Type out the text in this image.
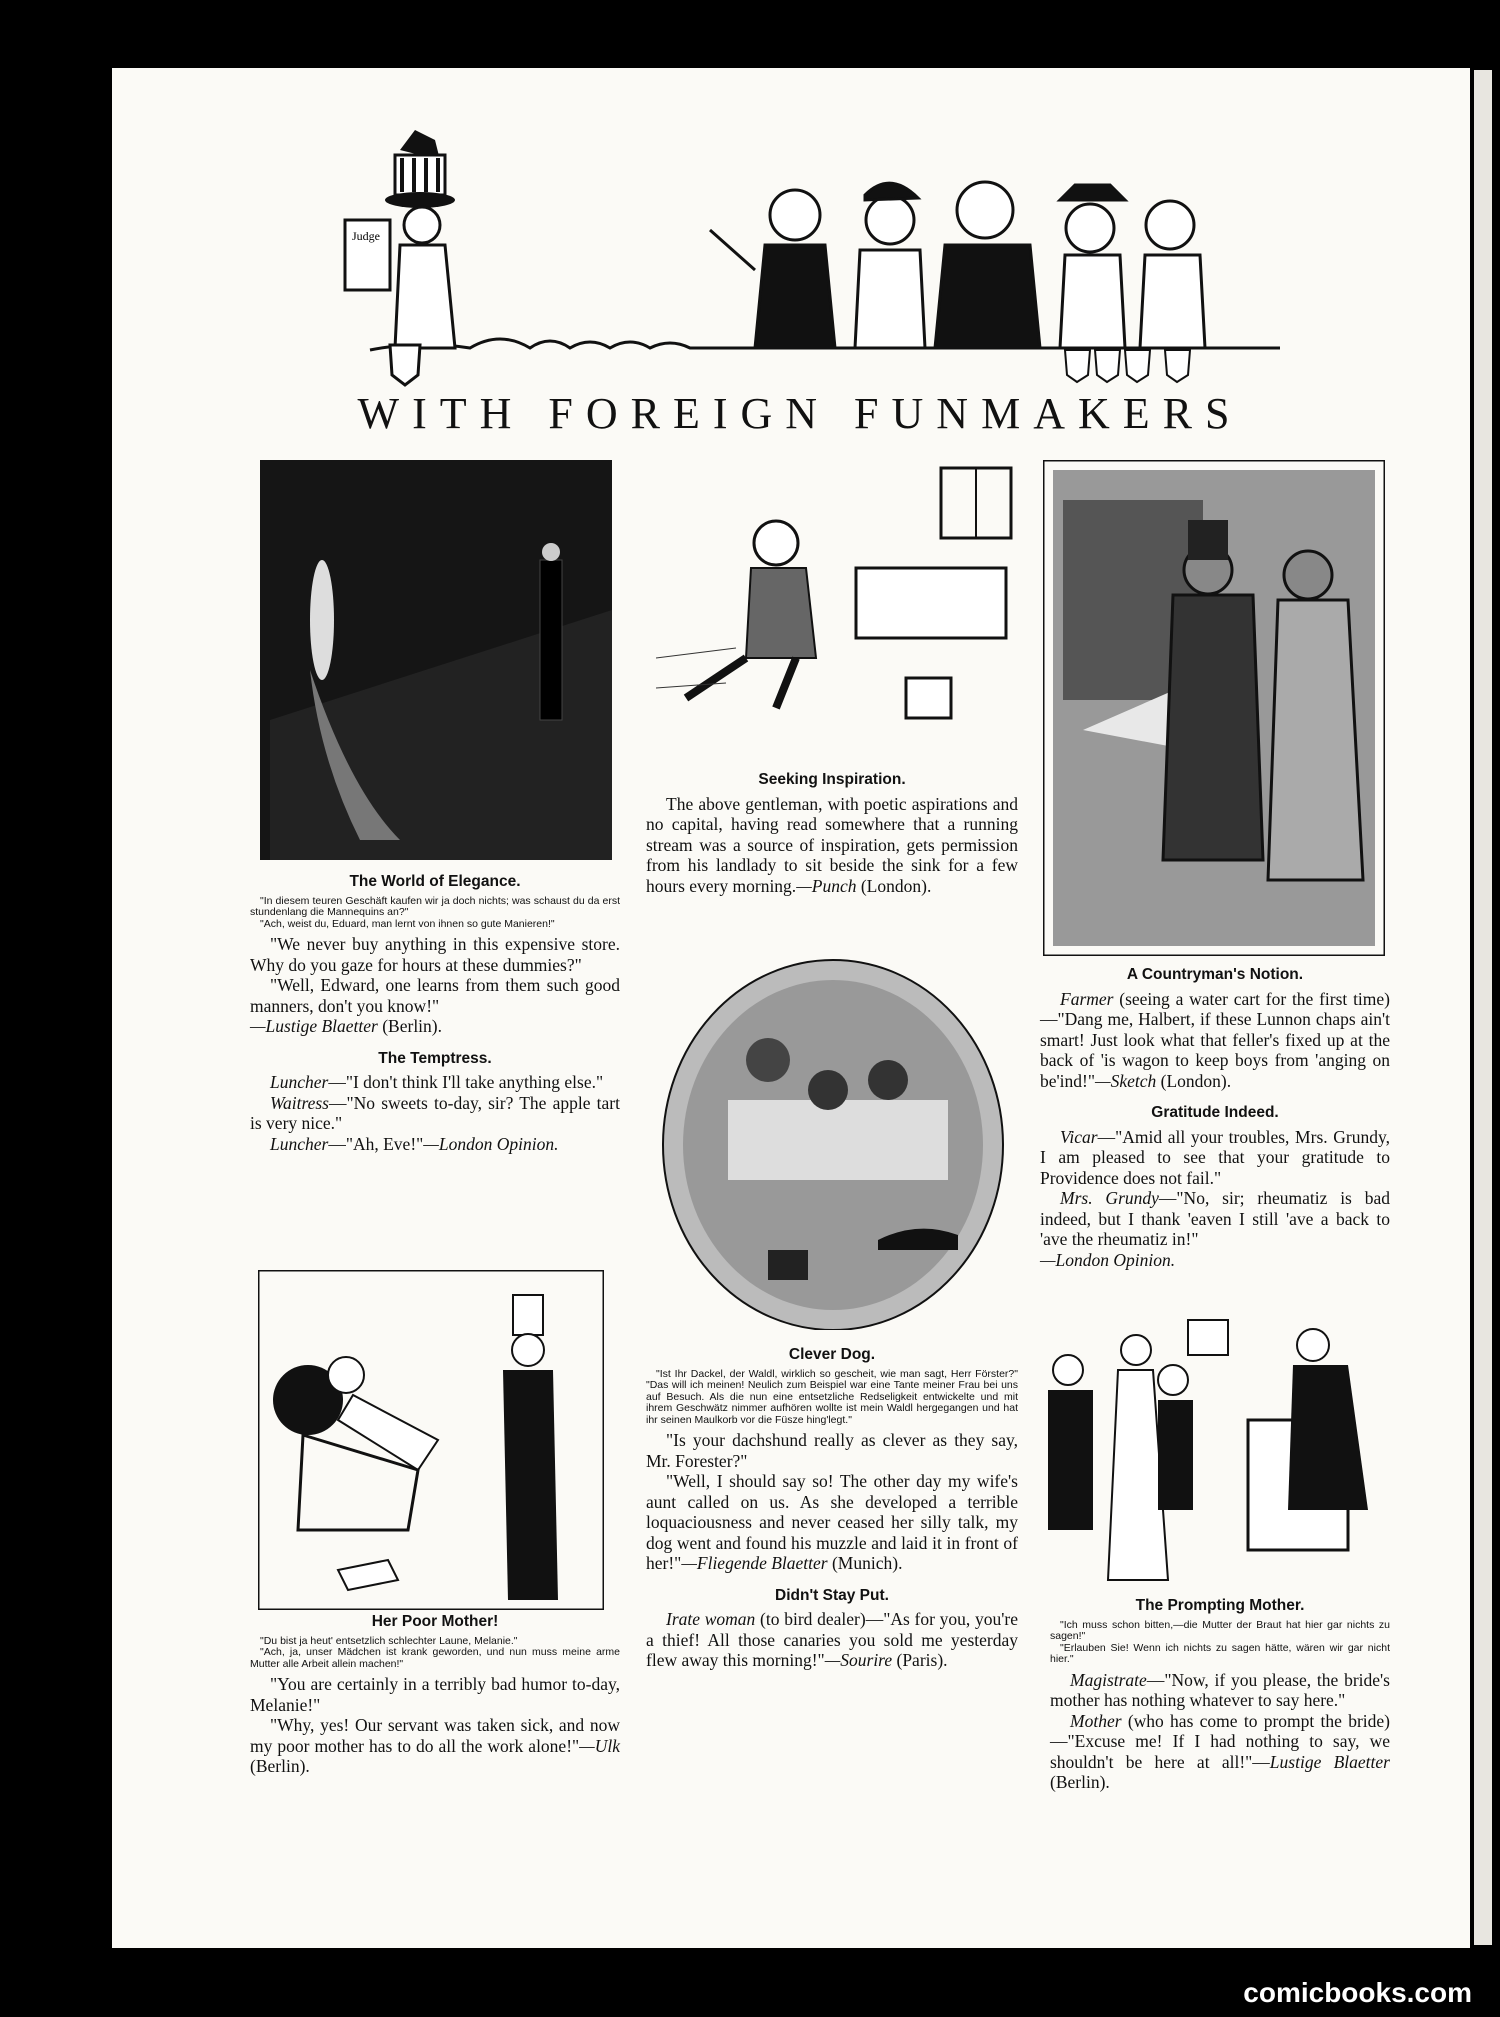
Judge
WITH FOREIGN FUNMAKERS
The World of Elegance.

"In diesem teuren Geschäft kaufen wir ja doch nichts; was schaust du da erst stundenlang die Mannequins an?"

"Ach, weist du, Eduard, man lernt von ihnen so gute Manieren!"

"We never buy anything in this expensive store. Why do you gaze for hours at these dummies?"

"Well, Edward, one learns from them such good manners, don't you know!"

—Lustige Blaetter (Berlin).

The Temptress.

Luncher—"I don't think I'll take anything else."

Waitress—"No sweets to-day, sir? The apple tart is very nice."

Luncher—"Ah, Eve!"—London Opinion.

Her Poor Mother!

"Du bist ja heut' entsetzlich schlechter Laune, Melanie."

"Ach, ja, unser Mädchen ist krank geworden, und nun muss meine arme Mutter alle Arbeit allein machen!"

"You are certainly in a terribly bad humor to-day, Melanie!"

"Why, yes! Our servant was taken sick, and now my poor mother has to do all the work alone!"—Ulk (Berlin).

Seeking Inspiration.

The above gentleman, with poetic aspirations and no capital, having read somewhere that a running stream was a source of inspiration, gets permission from his landlady to sit beside the sink for a few hours every morning.—Punch (London).

Clever Dog.

"Ist Ihr Dackel, der Waldl, wirklich so gescheit, wie man sagt, Herr Förster?" "Das will ich meinen! Neulich zum Beispiel war eine Tante meiner Frau bei uns auf Besuch. Als die nun eine entsetzliche Redseligkeit entwickelte und mit ihrem Geschwätz nimmer aufhören wollte ist mein Waldl hergegangen und hat ihr seinen Maulkorb vor die Füsze hing'legt."

"Is your dachshund really as clever as they say, Mr. Forester?"

"Well, I should say so! The other day my wife's aunt called on us. As she developed a terrible loquaciousness and never ceased her silly talk, my dog went and found his muzzle and laid it in front of her!"—Fliegende Blaetter (Munich).

Didn't Stay Put.

Irate woman (to bird dealer)—"As for you, you're a thief! All those canaries you sold me yesterday flew away this morning!"—Sourire (Paris).

A Countryman's Notion.

Farmer (seeing a water cart for the first time)—"Dang me, Halbert, if these Lunnon chaps ain't smart! Just look what that feller's fixed up at the back of 'is wagon to keep boys from 'anging on be'ind!"—Sketch (London).

Gratitude Indeed.

Vicar—"Amid all your troubles, Mrs. Grundy, I am pleased to see that your gratitude to Providence does not fail."

Mrs. Grundy—"No, sir; rheumatiz is bad indeed, but I thank 'eaven I still 'ave a back to 'ave the rheumatiz in!"

—London Opinion.

The Prompting Mother.

"Ich muss schon bitten,—die Mutter der Braut hat hier gar nichts zu sagen!"

"Erlauben Sie! Wenn ich nichts zu sagen hätte, wären wir gar nicht hier."

Magistrate—"Now, if you please, the bride's mother has nothing whatever to say here."

Mother (who has come to prompt the bride)—"Excuse me! If I had nothing to say, we shouldn't be here at all!"—Lustige Blaetter (Berlin).

comicbooks.com
